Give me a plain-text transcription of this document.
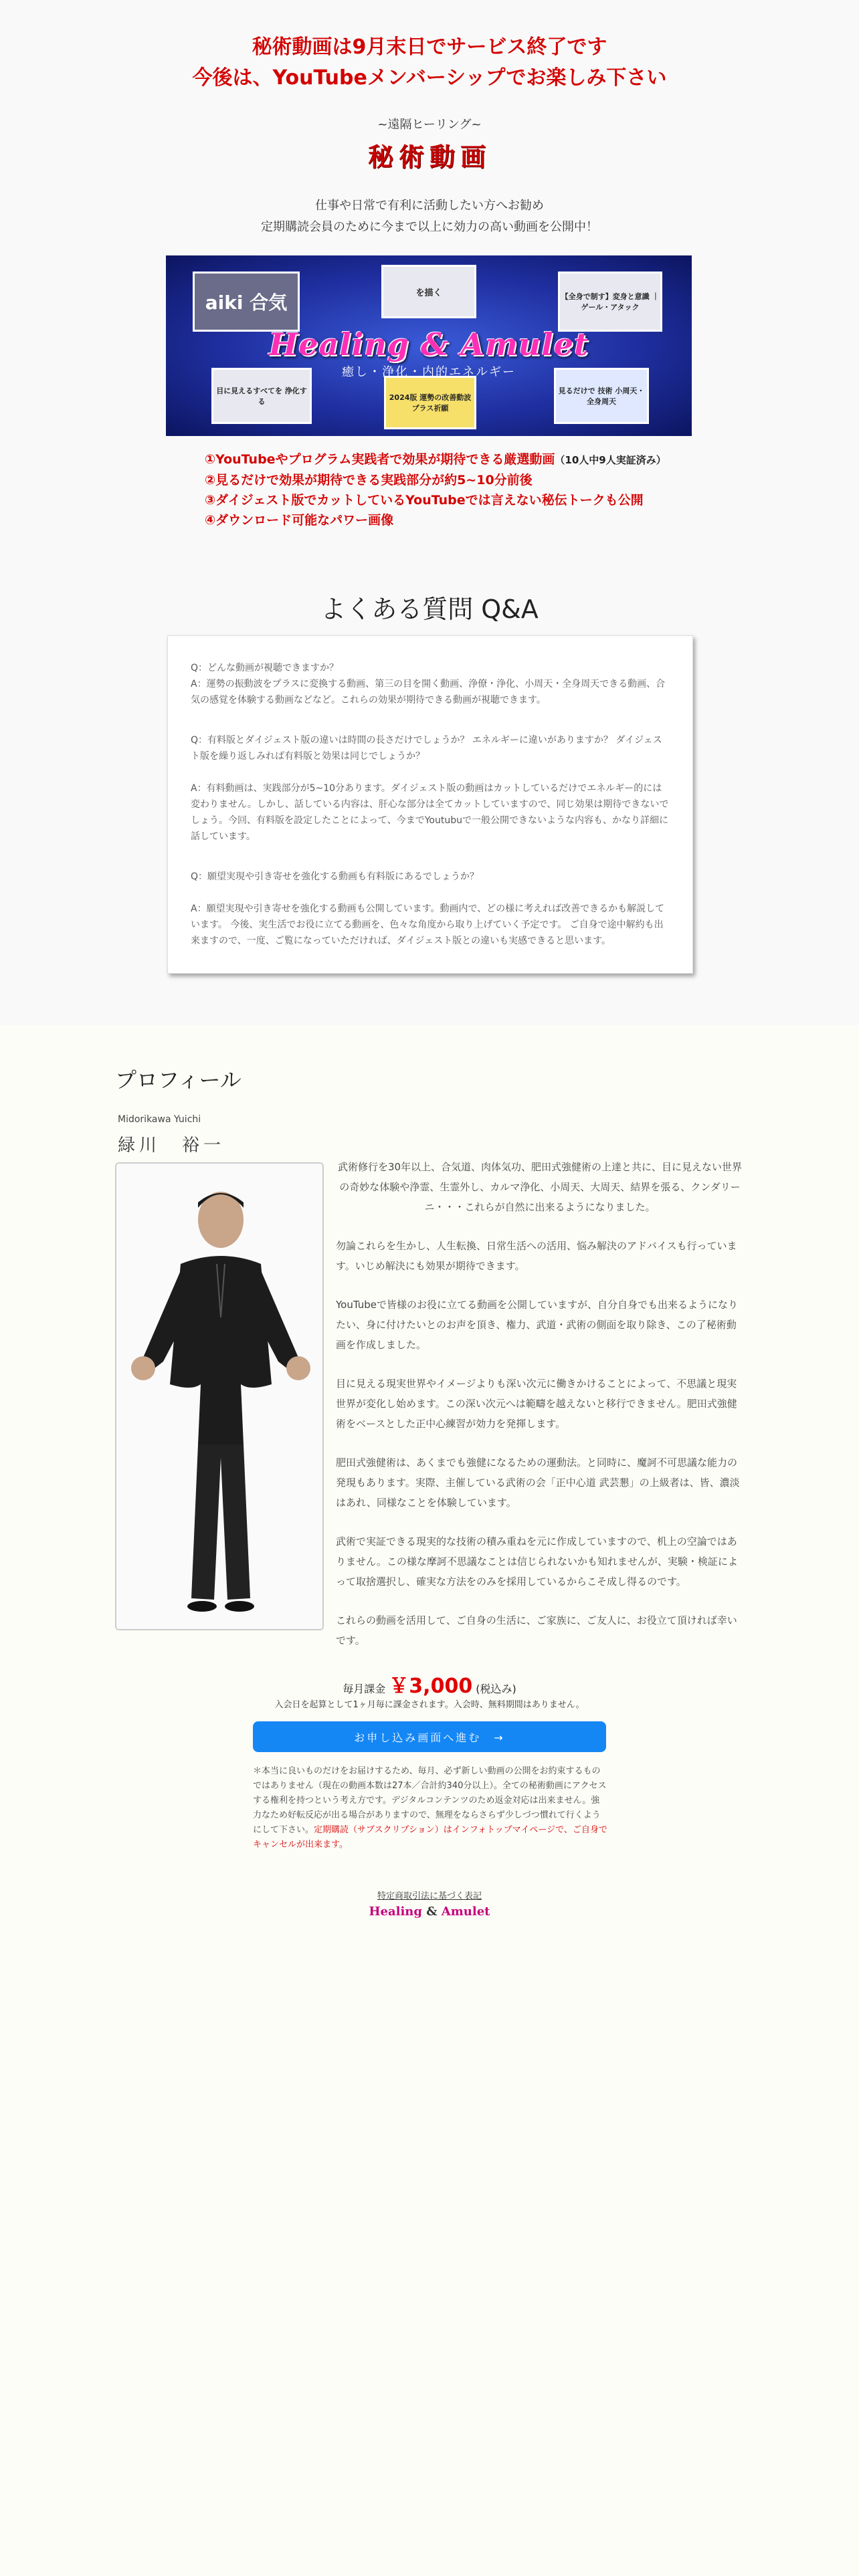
秘術動画は9月末日でサービス終了です
今後は、YouTubeメンバーシップでお楽しみ下さい
~遠隔ヒーリング~
秘術動画
仕事や日常で有利に活動したい方へお勧め
定期購読会員のために今まで以上に効力の高い動画を公開中！
aiki 合気	を描く	【全身で制す】変身と意識 ｜ ゲール・アタック
目に見えるすべてを 浄化する	2024版 運勢の改善動波 プラス祈願
見るだけで 技術 小周天・全身周天
Healing & Amulet
癒し・浄化・内的エネルギー
①YouTubeやプログラム実践者で効果が期待できる厳選動画（10人中9人実証済み）
②見るだけで効果が期待できる実践部分が約5~10分前後
③ダイジェスト版でカットしているYouTubeでは言えない秘伝トークも公開
④ダウンロード可能なパワー画像
よくある質問 Q&A
Q：どんな動画が視聴できますか？
A：運勢の振動波をプラスに変換する動画、第三の目を開く動画、浄僚・浄化、小周天・全身周天できる動画、合気の感覚を体験する動画などなど。これらの効果が期待できる動画が視聴できます。
Q：有料版とダイジェスト版の違いは時間の長さだけでしょうか？ エネルギーに違いがありますか？ ダイジェスト版を繰り返しみれば有料版と効果は同じでしょうか？
A：有料動画は、実践部分が5~10分あります。ダイジェスト版の動画はカットしているだけでエネルギー的には変わりません。しかし、話している内容は、肝心な部分は全てカットしていますので、同じ効果は期待できないでしょう。今回、有料版を設定したことによって、今までYoutubuで一般公開できないような内容も、かなり詳細に話しています。
Q：願望実現や引き寄せを強化する動画も有料版にあるでしょうか？
A：願望実現や引き寄せを強化する動画も公開しています。動画内で、どの様に考えれば改善できるかも解説しています。 今後、実生活でお役に立てる動画を、色々な角度から取り上げていく予定です。 ご自身で途中解約も出来ますので、一度、ご覧になっていただければ、ダイジェスト版との違いも実感できると思います。
プロフィール
Midorikawa Yuichi
緑川　裕一

武術修行を30年以上、合気道、肉体気功、肥田式強健術の上達と共に、目に見えない世界の奇妙な体験や浄霊、生霊外し、カルマ浄化、小周天、大周天、結界を張る、クンダリーニ・・・これらが自然に出来るようになりました。

勿論これらを生かし、人生転換、日常生活への活用、悩み解決のアドバイスも行っています。いじめ解決にも効果が期待できます。

YouTubeで皆様のお役に立てる動画を公開していますが、自分自身でも出来るようになりたい、身に付けたいとのお声を頂き、権力、武道・武術の側面を取り除き、この了秘術動画を作成しました。

目に見える現実世界やイメージよりも深い次元に働きかけることによって、不思議と現実世界が変化し始めます。この深い次元へは範疇を越えないと移行できません。肥田式強健術をベースとした正中心練習が効力を発揮します。

肥田式強健術は、あくまでも強健になるための運動法。と同時に、魔訶不可思議な能力の発現もあります。実際、主催している武術の会「正中心道 武芸懇」の上級者は、皆、濃淡はあれ、同様なことを体験しています。

武術で実証できる現実的な技術の積み重ねを元に作成していますので、机上の空論ではありません。この様な摩訶不思議なことは信じられないかも知れませんが、実験・検証によって取捨選択し、確実な方法をのみを採用しているからこそ成し得るのです。

これらの動画を活用して、ご自身の生活に、ご家族に、ご友人に、お役立て頂ければ幸いです。

毎月課金 ￥3,000 (税込み)
入会日を起算として1ヶ月毎に課金されます。入会時、無料期間はありません。
お申し込み画面へ進む　→
＊本当に良いものだけをお届けするため、毎月、必ず新しい動画の公開をお約束するものではありません（現在の動画本数は27本／合計約340分以上）。全ての秘術動画にアクセスする権利を持つという考え方です。デジタルコンテンツのため返金対応は出来ません。強力なため好転反応が出る場合がありますので、無理をならさらず少しづつ慣れて行くようにして下さい。定期購読（サブスクリプション）はインフォトップマイページで、ご自身でキャンセルが出来ます。
特定商取引法に基づく表記
Healing & Amulet
